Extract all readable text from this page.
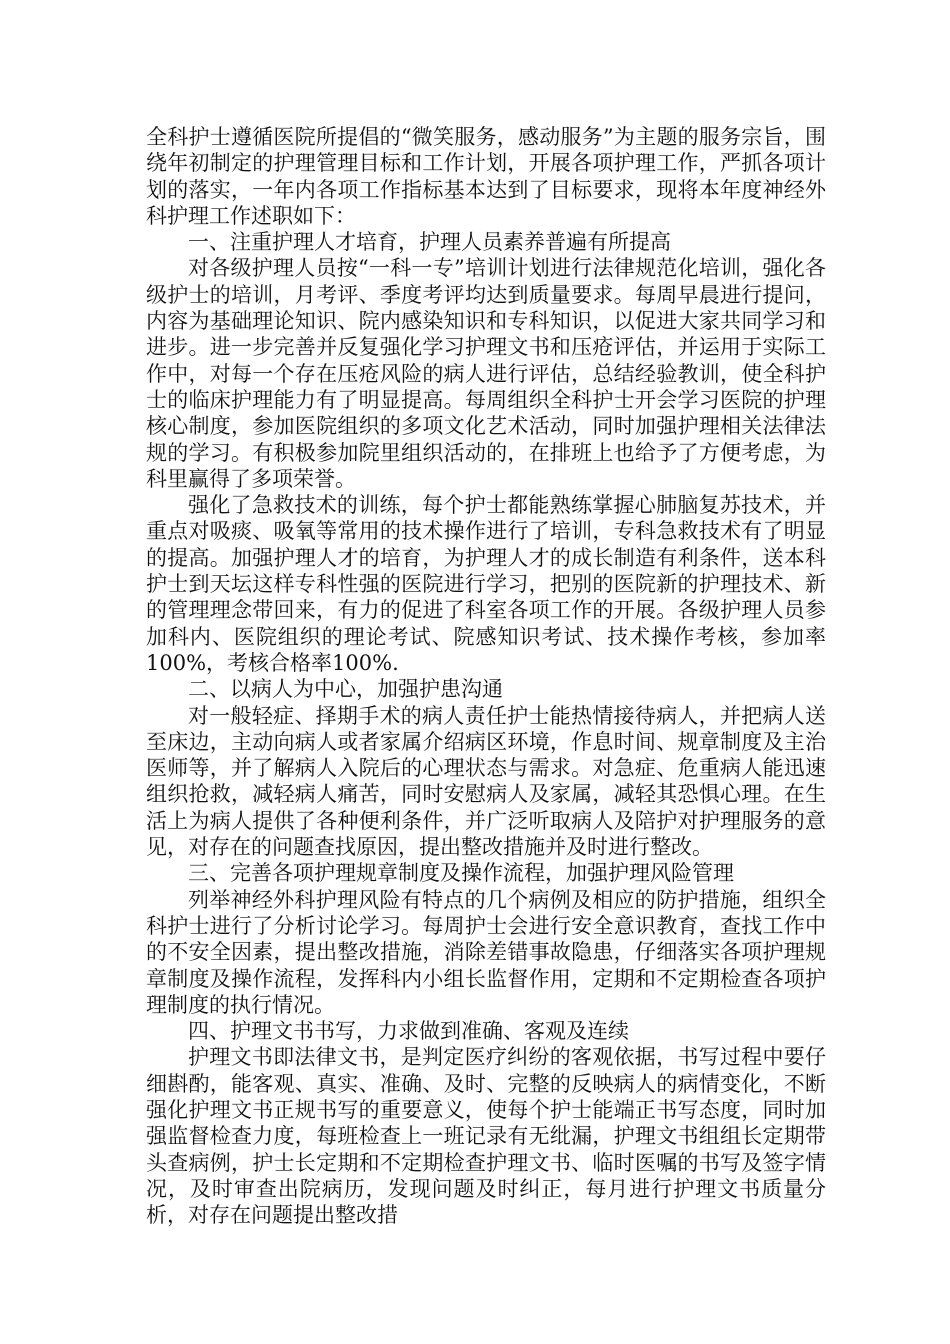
全科护士遵循医院所提倡的“微笑服务，感动服务”为主题的服务宗旨，围绕年初制定的护理管理目标和工作计划，开展各项护理工作，严抓各项计划的落实，一年内各项工作指标基本达到了目标要求，现将本年度神经外科护理工作述职如下：

一、注重护理人才培育，护理人员素养普遍有所提高

对各级护理人员按“一科一专”培训计划进行法律规范化培训，强化各级护士的培训，月考评、季度考评均达到质量要求。每周早晨进行提问，内容为基础理论知识、院内感染知识和专科知识，以促进大家共同学习和进步。进一步完善并反复强化学习护理文书和压疮评估，并运用于实际工作中，对每一个存在压疮风险的病人进行评估，总结经验教训，使全科护士的临床护理能力有了明显提高。每周组织全科护士开会学习医院的护理核心制度，参加医院组织的多项文化艺术活动，同时加强护理相关法律法规的学习。有积极参加院里组织活动的，在排班上也给予了方便考虑，为科里赢得了多项荣誉。

强化了急救技术的训练，每个护士都能熟练掌握心肺脑复苏技术，并重点对吸痰、吸氧等常用的技术操作进行了培训，专科急救技术有了明显的提高。加强护理人才的培育，为护理人才的成长制造有利条件，送本科护士到天坛这样专科性强的医院进行学习，把别的医院新的护理技术、新的管理理念带回来，有力的促进了科室各项工作的开展。各级护理人员参加科内、医院组织的理论考试、院感知识考试、技术操作考核，参加率100%，考核合格率100%.

二、以病人为中心，加强护患沟通

对一般轻症、择期手术的病人责任护士能热情接待病人，并把病人送至床边，主动向病人或者家属介绍病区环境，作息时间、规章制度及主治医师等，并了解病人入院后的心理状态与需求。对急症、危重病人能迅速组织抢救，减轻病人痛苦，同时安慰病人及家属，减轻其恐惧心理。在生活上为病人提供了各种便利条件，并广泛听取病人及陪护对护理服务的意见，对存在的问题查找原因，提出整改措施并及时进行整改。

三、完善各项护理规章制度及操作流程，加强护理风险管理

列举神经外科护理风险有特点的几个病例及相应的防护措施，组织全科护士进行了分析讨论学习。每周护士会进行安全意识教育，查找工作中的不安全因素，提出整改措施，消除差错事故隐患，仔细落实各项护理规章制度及操作流程，发挥科内小组长监督作用，定期和不定期检查各项护理制度的执行情况。

四、护理文书书写，力求做到准确、客观及连续

护理文书即法律文书，是判定医疗纠纷的客观依据，书写过程中要仔细斟酌，能客观、真实、准确、及时、完整的反映病人的病情变化，不断强化护理文书正规书写的重要意义，使每个护士能端正书写态度，同时加强监督检查力度，每班检查上一班记录有无纰漏，护理文书组组长定期带头查病例，护士长定期和不定期检查护理文书、临时医嘱的书写及签字情况，及时审查出院病历，发现问题及时纠正，每月进行护理文书质量分析，对存在问题提出整改措
